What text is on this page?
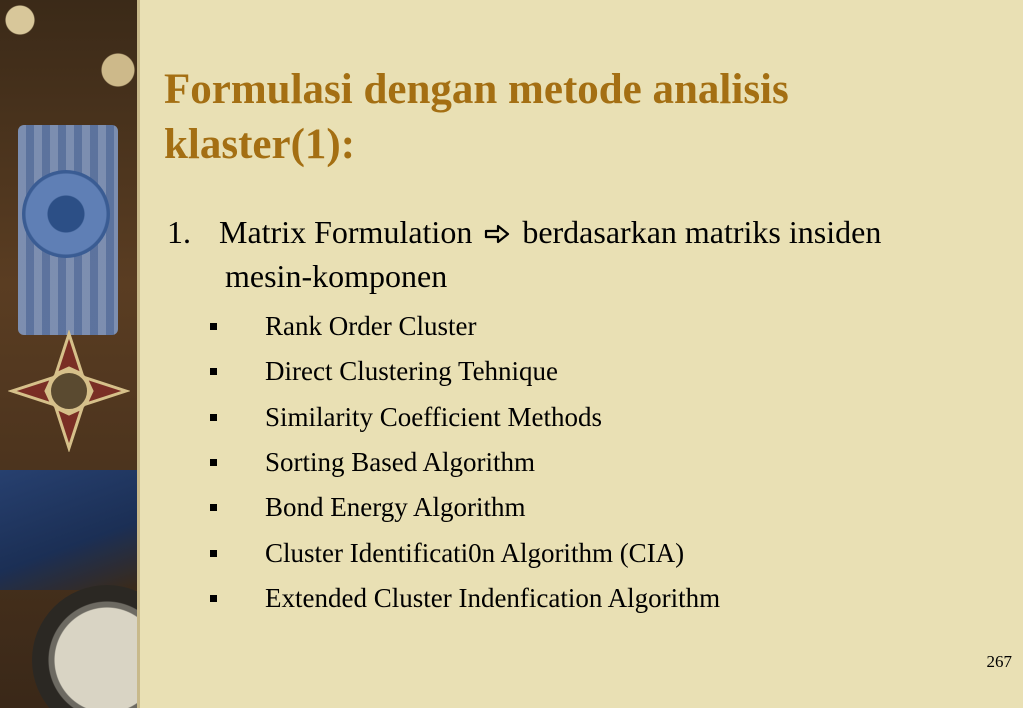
Formulasi dengan metode analisis klaster(1):
1. Matrix Formulation berdasarkan matriks insiden
mesin-komponen
Rank Order Cluster
Direct Clustering Tehnique
Similarity Coefficient Methods
Sorting Based Algorithm
Bond Energy Algorithm
Cluster Identificati0n Algorithm (CIA)
Extended Cluster Indenfication Algorithm
267
